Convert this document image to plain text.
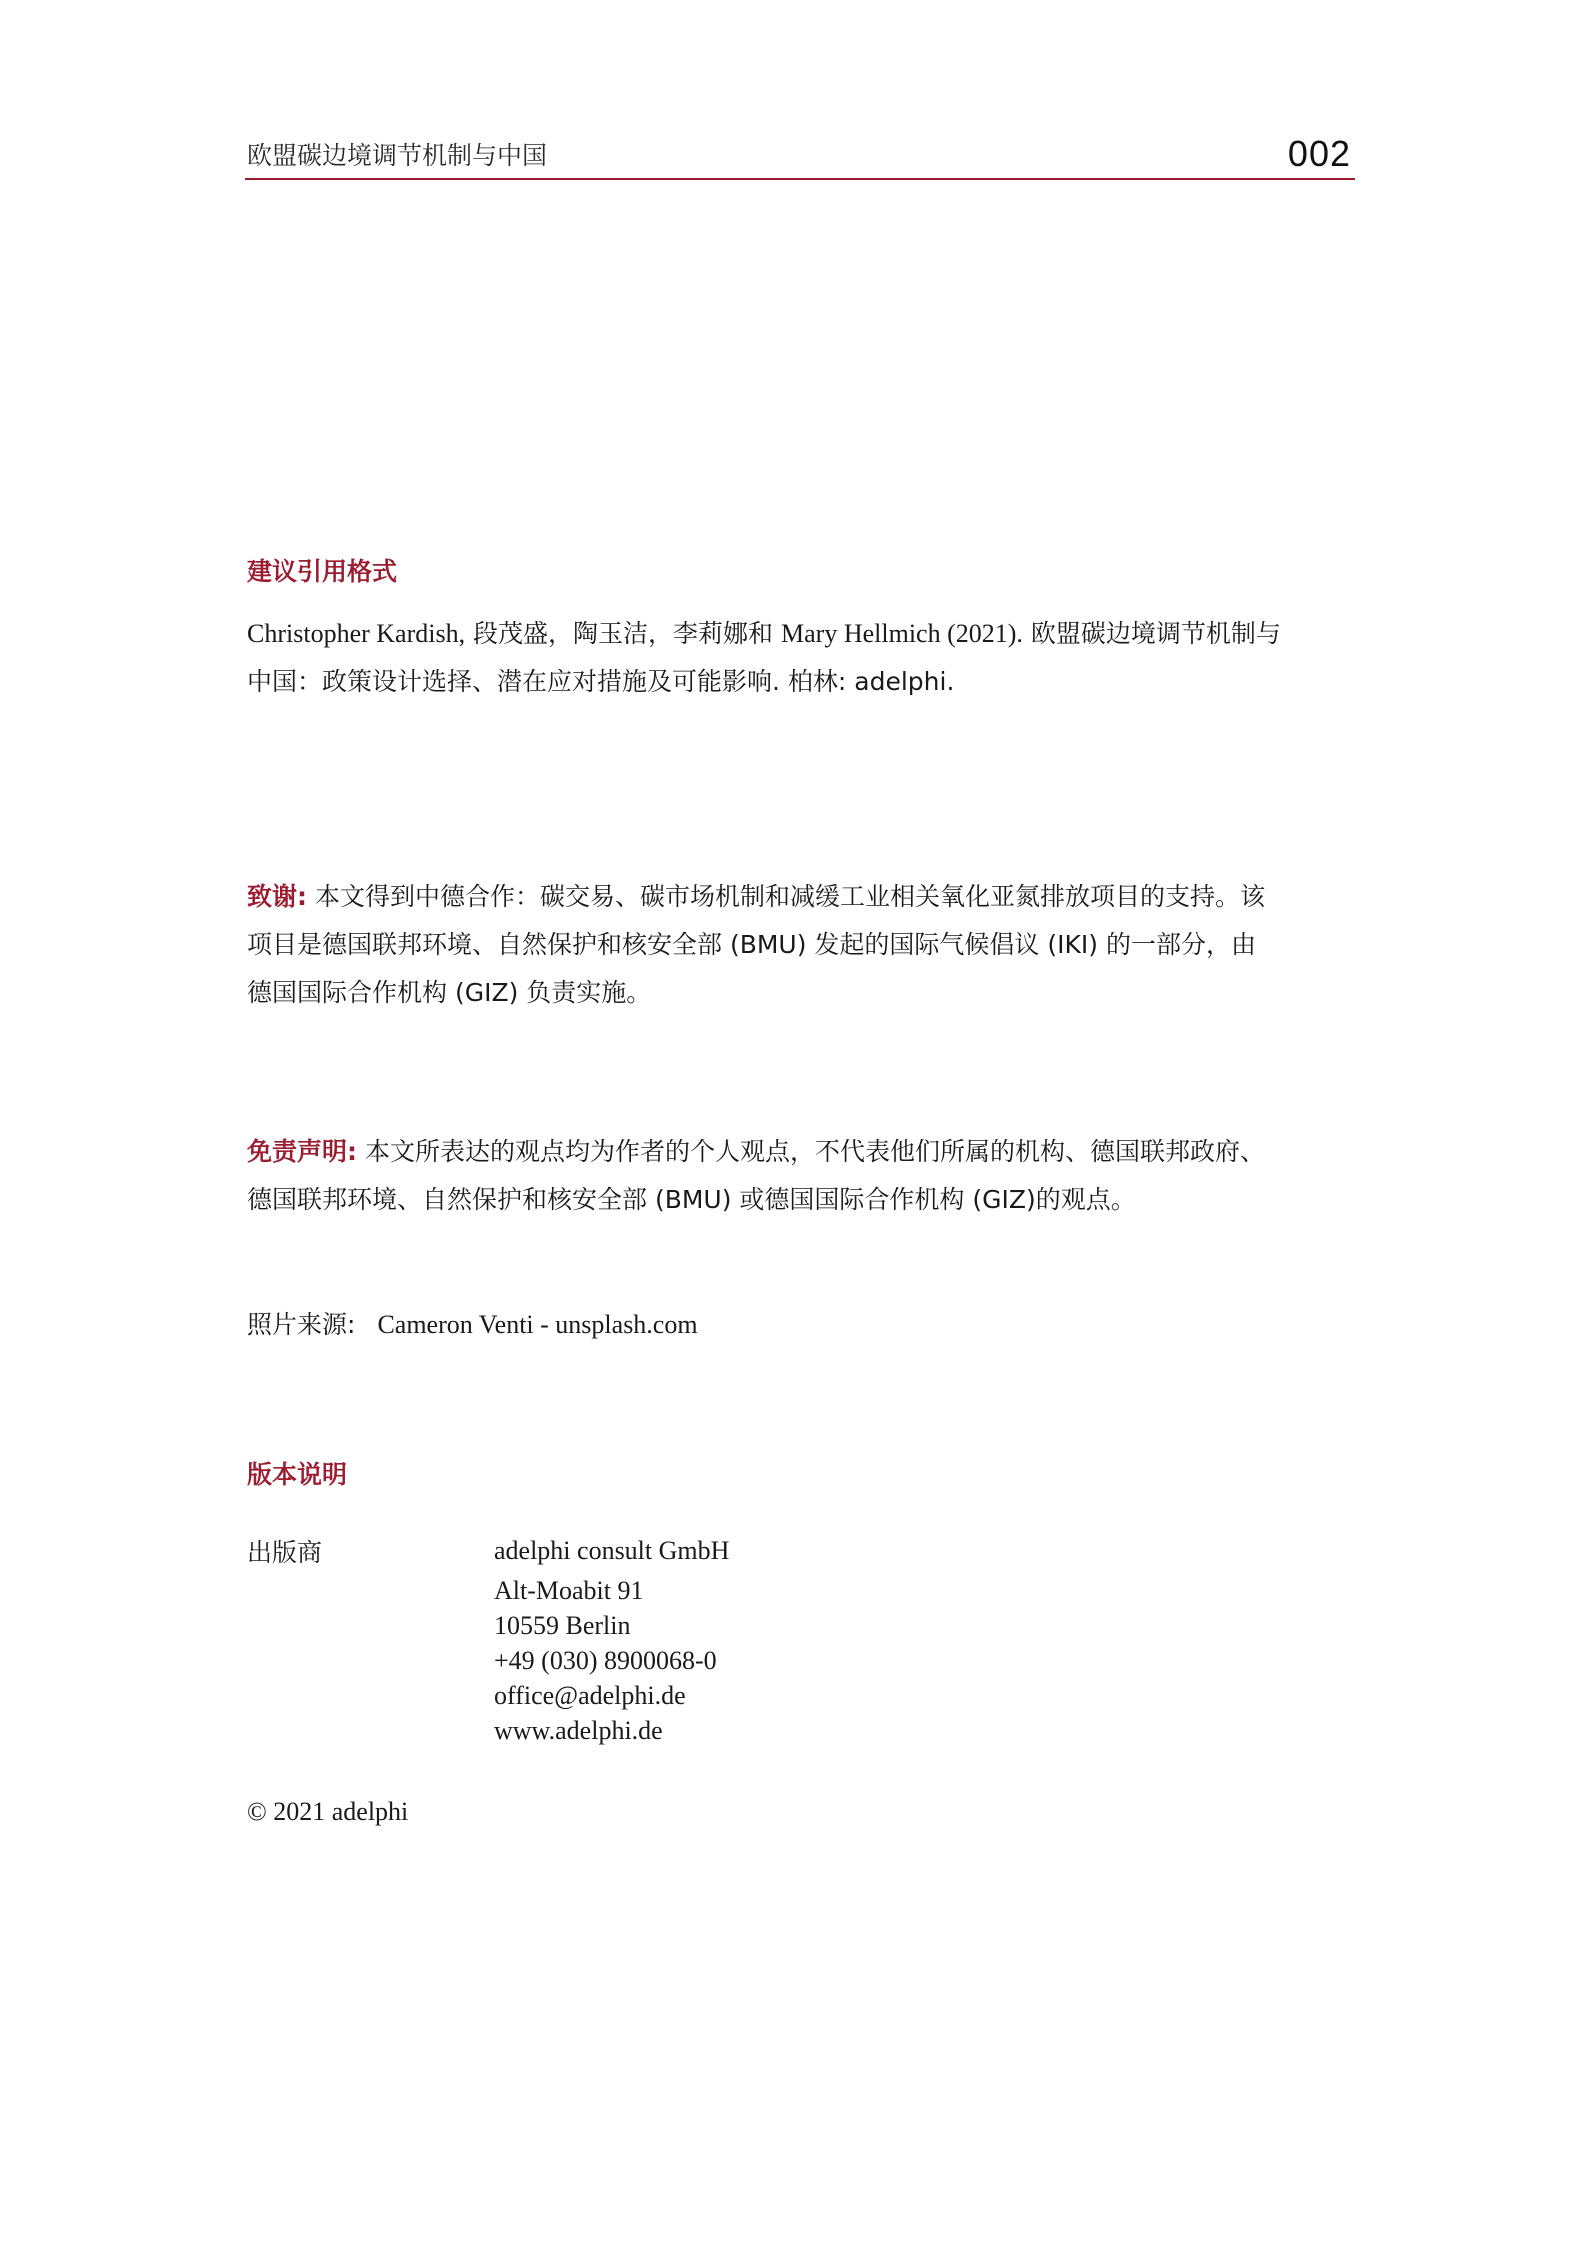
欧盟碳边境调节机制与中国	002
建议引用格式
Christopher Kardish, 段茂盛，陶玉洁，李莉娜和 Mary Hellmich (2021). 欧盟碳边境调节机制与
中国：政策设计选择、潜在应对措施及可能影响. 柏林: adelphi.
致谢: 本文得到中德合作：碳交易、碳市场机制和减缓工业相关氧化亚氮排放项目的支持。该
项目是德国联邦环境、自然保护和核安全部 (BMU) 发起的国际气候倡议 (IKI) 的一部分，由
德国国际合作机构 (GIZ) 负责实施。
免责声明: 本文所表达的观点均为作者的个人观点，不代表他们所属的机构、德国联邦政府、
德国联邦环境、自然保护和核安全部 (BMU) 或德国国际合作机构 (GIZ)的观点。
照片来源: Cameron Venti - unsplash.com
版本说明
出版商	adelphi consult GmbH
Alt-Moabit 91
10559 Berlin
+49 (030) 8900068-0
office@adelphi.de
www.adelphi.de
© 2021 adelphi
